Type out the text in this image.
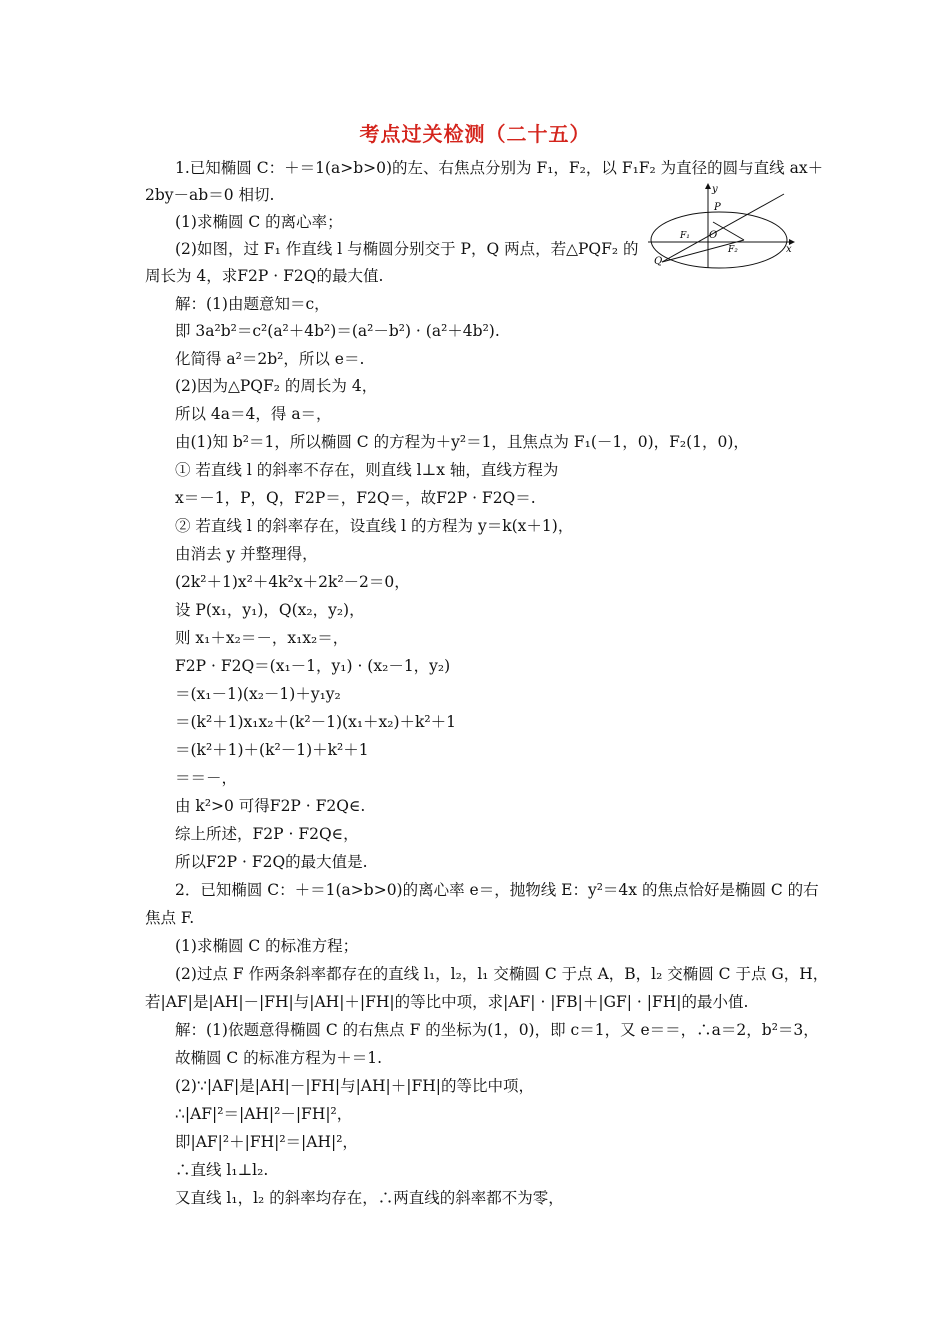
考点过关检测（二十五）
1.已知椭圆 C：＋＝1(a>b>0)的左、右焦点分别为 F₁，F₂，以 F₁F₂ 为直径的圆与直线 ax＋
2by－ab＝0 相切.
(1)求椭圆 C 的离心率；
(2)如图，过 F₁ 作直线 l 与椭圆分别交于 P，Q 两点，若△PQF₂ 的
周长为 4，求F2P · F2Q的最大值.
解：(1)由题意知＝c，
即 3a²b²＝c²(a²＋4b²)＝(a²－b²) · (a²＋4b²).
化简得 a²＝2b²，所以 e＝.
(2)因为△PQF₂ 的周长为 4，
所以 4a＝4，得 a＝，
由(1)知 b²＝1，所以椭圆 C 的方程为＋y²＝1，且焦点为 F₁(－1，0)，F₂(1，0)，
① 若直线 l 的斜率不存在，则直线 l⊥x 轴，直线方程为
x＝－1，P，Q，F2P＝，F2Q＝，故F2P · F2Q＝.
② 若直线 l 的斜率存在，设直线 l 的方程为 y＝k(x＋1)，
由消去 y 并整理得，
(2k²＋1)x²＋4k²x＋2k²－2＝0，
设 P(x₁，y₁)，Q(x₂，y₂)，
则 x₁＋x₂＝－，x₁x₂＝，
F2P · F2Q＝(x₁－1，y₁) · (x₂－1，y₂)
＝(x₁－1)(x₂－1)＋y₁y₂
＝(k²＋1)x₁x₂＋(k²－1)(x₁＋x₂)＋k²＋1
＝(k²＋1)＋(k²－1)＋k²＋1
＝＝－，
由 k²>0 可得F2P · F2Q∈.
综上所述，F2P · F2Q∈，
所以F2P · F2Q的最大值是.
2．已知椭圆 C：＋＝1(a>b>0)的离心率 e＝，抛物线 E：y²＝4x 的焦点恰好是椭圆 C 的右
焦点 F.
(1)求椭圆 C 的标准方程；
(2)过点 F 作两条斜率都存在的直线 l₁，l₂，l₁ 交椭圆 C 于点 A，B，l₂ 交椭圆 C 于点 G，H，
若|AF|是|AH|－|FH|与|AH|＋|FH|的等比中项，求|AF| · |FB|＋|GF| · |FH|的最小值.
解：(1)依题意得椭圆 C 的右焦点 F 的坐标为(1，0)，即 c＝1，又 e＝＝，∴a＝2，b²＝3，
故椭圆 C 的标准方程为＋＝1.
(2)∵|AF|是|AH|－|FH|与|AH|＋|FH|的等比中项，
∴|AF|²＝|AH|²－|FH|²，
即|AF|²＋|FH|²＝|AH|²，
∴直线 l₁⊥l₂.
又直线 l₁，l₂ 的斜率均存在，∴两直线的斜率都不为零，
y
x
P
O
F₁
F₂
Q
